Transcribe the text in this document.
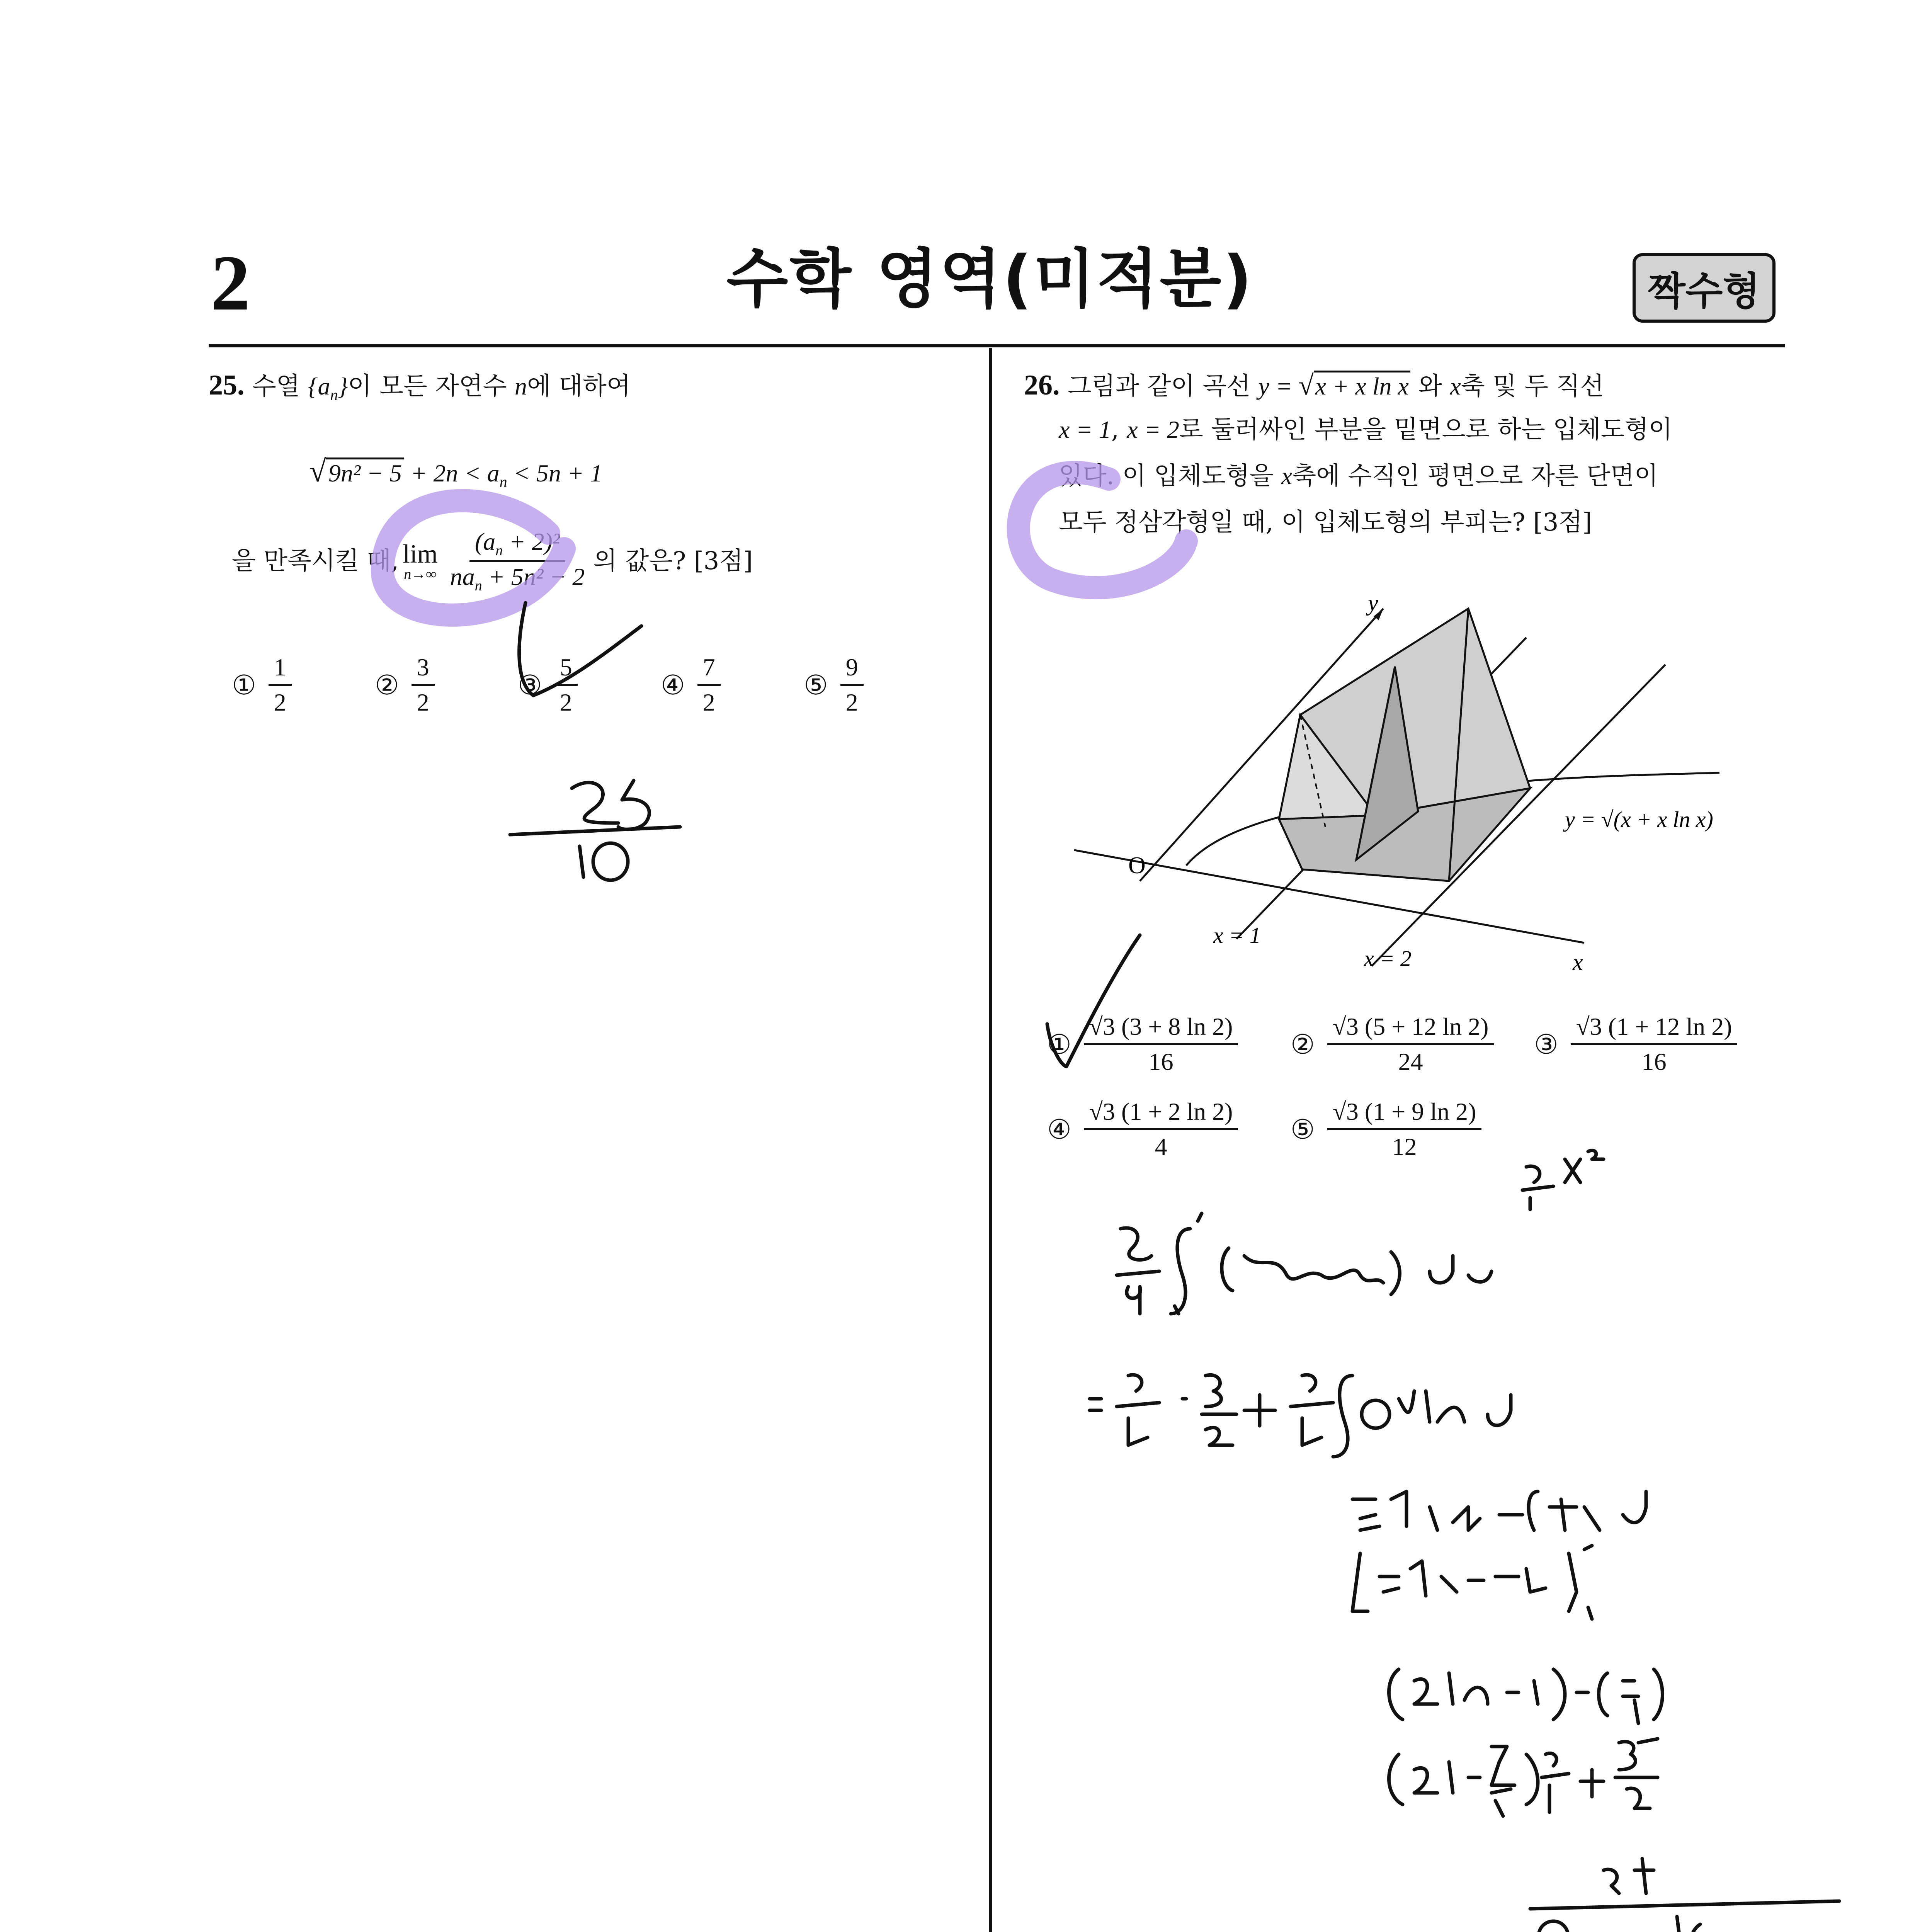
2	수학 영역(미적분)	짝수형
25. 수열 $\{a_n\}$이 모든 자연수 n에 대하여
$√9n^2 - 5 + 2n < a_n < 5n + 1$
을 만족시킬 때, lim
$n\to\infty \frac{(a_n + 2)^2}{na_n + 5n^2 - 2}$ 의 값은? [3점]
① $\frac{1}{2}$	② $\frac{3}{2}$	③ $\frac{5}{2}$	④ $\frac{7}{2}$	⑤ $\frac{9}{2}$
26. 그림과 같이 곡선 y = √x + x ln x 와 x축 및 두 직선
x = 1, x = 2로 둘러싸인 부분을 밑면으로 하는 입체도형이
있다. 이 입체도형을 x축에 수직인 평면으로 자른 단면이
모두 정삼각형일 때, 이 입체도형의 부피는? [3점]
y
x
O
x = 1
x = 2
y = √(x + x ln x)
① $\frac{√3 (3 + 8 \ln 2)}{16}$ ② $\frac{√3 (5 + 12 \ln 2)}{24}$ ③ $\frac{√3 (1 + 12 \ln 2)}{16}$
④ $\frac{√3 (1 + 2 \ln 2)}{4}$ ⑤ $\frac{√3 (1 + 9 \ln 2)}{12}$
